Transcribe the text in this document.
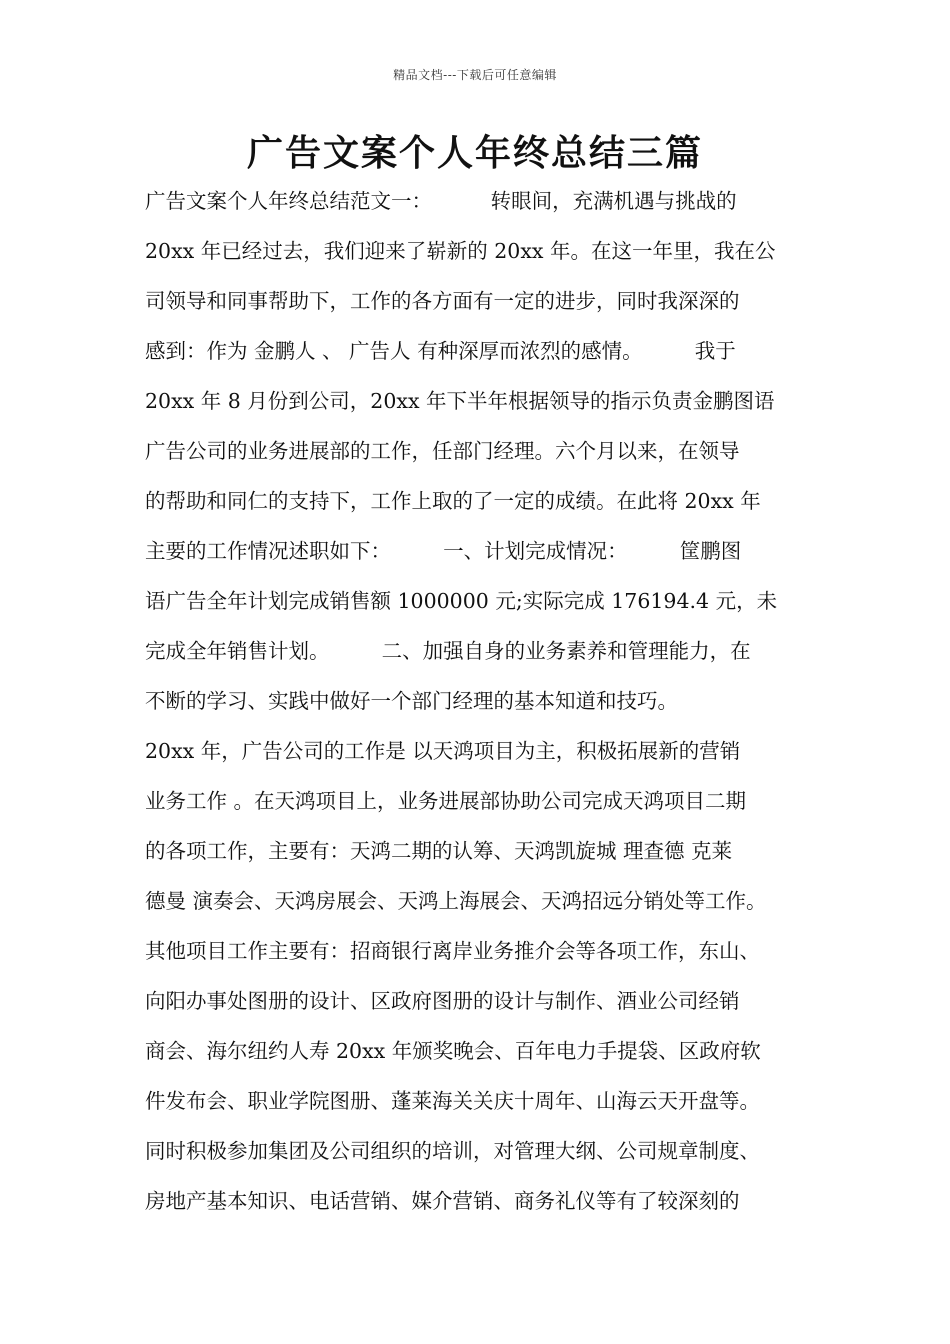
精品文档---下载后可任意编辑
广告文案个人年终总结三篇
广告文案个人年终总结范文一：         转眼间，充满机遇与挑战的
20xx 年已经过去，我们迎来了崭新的 20xx 年。在这一年里，我在公
司领导和同事帮助下，工作的各方面有一定的进步，同时我深深的
感到：作为 金鹏人 、 广告人 有种深厚而浓烈的感情。        我于
20xx 年 8 月份到公司，20xx 年下半年根据领导的指示负责金鹏图语
广告公司的业务进展部的工作，任部门经理。六个月以来，在领导
的帮助和同仁的支持下，工作上取的了一定的成绩。在此将 20xx 年
主要的工作情况述职如下：        一、计划完成情况：        筐鹏图
语广告全年计划完成销售额 1000000 元;实际完成 176194.4 元，未
完成全年销售计划。        二、加强自身的业务素养和管理能力，在
不断的学习、实践中做好一个部门经理的基本知道和技巧。
20xx 年，广告公司的工作是 以天鸿项目为主，积极拓展新的营销
业务工作 。在天鸿项目上，业务进展部协助公司完成天鸿项目二期
的各项工作，主要有：天鸿二期的认筹、天鸿凯旋城 理查德 克莱
德曼 演奏会、天鸿房展会、天鸿上海展会、天鸿招远分销处等工作。
其他项目工作主要有：招商银行离岸业务推介会等各项工作，东山、
向阳办事处图册的设计、区政府图册的设计与制作、酒业公司经销
商会、海尔纽约人寿 20xx 年颁奖晚会、百年电力手提袋、区政府软
件发布会、职业学院图册、蓬莱海关关庆十周年、山海云天开盘等。
同时积极参加集团及公司组织的培训，对管理大纲、公司规章制度、
房地产基本知识、电话营销、媒介营销、商务礼仪等有了较深刻的
